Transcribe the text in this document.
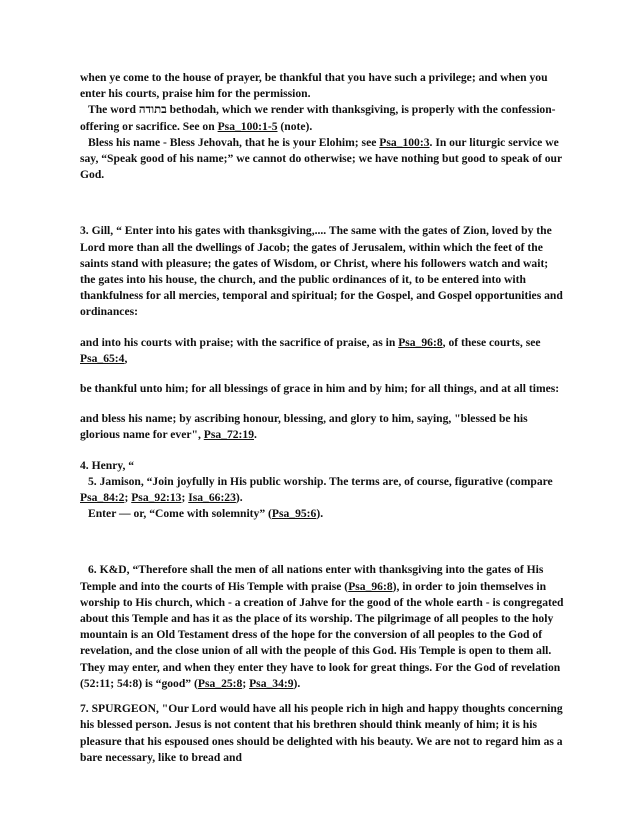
when ye come to the house of prayer, be thankful that you have such a privilege; and when you enter his courts, praise him for the permission.

The word בתודה bethodah, which we render with thanksgiving, is properly with the confession-offering or sacrifice. See on Psa_100:1-5 (note).

Bless his name - Bless Jehovah, that he is your Elohim; see Psa_100:3. In our liturgic service we say, “Speak good of his name;” we cannot do otherwise; we have nothing but good to speak of our God.

3. Gill, “ Enter into his gates with thanksgiving,.... The same with the gates of Zion, loved by the Lord more than all the dwellings of Jacob; the gates of Jerusalem, within which the feet of the saints stand with pleasure; the gates of Wisdom, or Christ, where his followers watch and wait; the gates into his house, the church, and the public ordinances of it, to be entered into with thankfulness for all mercies, temporal and spiritual; for the Gospel, and Gospel opportunities and ordinances:

and into his courts with praise; with the sacrifice of praise, as in Psa_96:8, of these courts, see Psa_65:4,

be thankful unto him; for all blessings of grace in him and by him; for all things, and at all times:

and bless his name; by ascribing honour, blessing, and glory to him, saying, "blessed be his glorious name for ever", Psa_72:19.

4. Henry, “

5. Jamison, “Join joyfully in His public worship. The terms are, of course, figurative (compare Psa_84:2; Psa_92:13; Isa_66:23).

Enter — or, “Come with solemnity” (Psa_95:6).

6. K&D, “Therefore shall the men of all nations enter with thanksgiving into the gates of His Temple and into the courts of His Temple with praise (Psa_96:8), in order to join themselves in worship to His church, which - a creation of Jahve for the good of the whole earth - is congregated about this Temple and has it as the place of its worship. The pilgrimage of all peoples to the holy mountain is an Old Testament dress of the hope for the conversion of all peoples to the God of revelation, and the close union of all with the people of this God. His Temple is open to them all. They may enter, and when they enter they have to look for great things. For the God of revelation (52:11; 54:8) is “good” (Psa_25:8; Psa_34:9).

7. SPURGEON, "Our Lord would have all his people rich in high and happy thoughts concerning his blessed person. Jesus is not content that his brethren should think meanly of him; it is his pleasure that his espoused ones should be delighted with his beauty. We are not to regard him as a bare necessary, like to bread and
